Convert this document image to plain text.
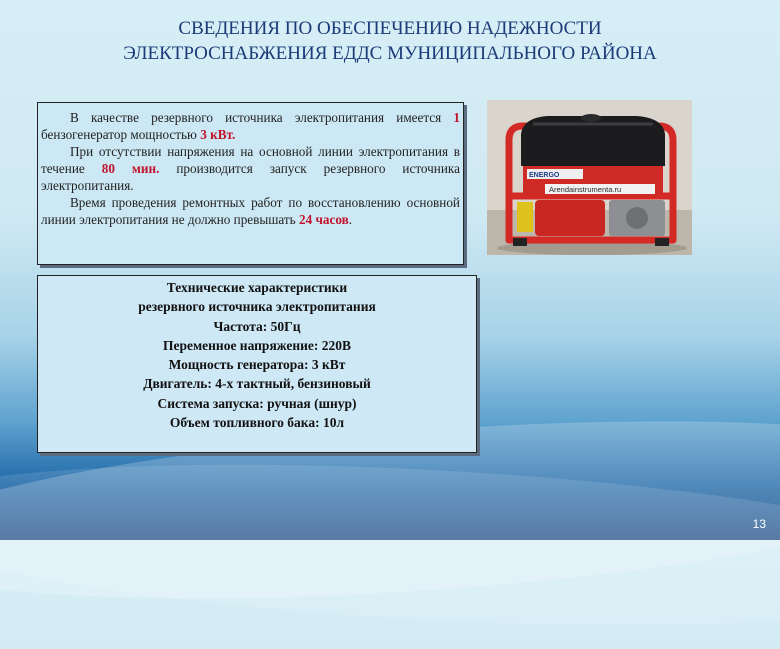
СВЕДЕНИЯ ПО ОБЕСПЕЧЕНИЮ НАДЕЖНОСТИ
ЭЛЕКТРОСНАБЖЕНИЯ ЕДДС МУНИЦИПАЛЬНОГО РАЙОНА

В качестве резервного источника электропитания имеется 1 бензогенератор мощностью 3 кВт.

При отсутствии напряжения на основной линии электропитания в течение 80 мин. производится запуск резервного источника электропитания.

Время проведения ремонтных работ по восстановлению основной линии электропитания не должно превышать 24 часов.

ENERGO
Arendainstrumenta.ru
Технические характеристики
резервного источника электропитания
Частота: 50Гц
Переменное напряжение: 220В
Мощность генератора: 3 кВт
Двигатель: 4-х тактный, бензиновый
Система запуска: ручная (шнур)
Объем топливного бака: 10л
13
